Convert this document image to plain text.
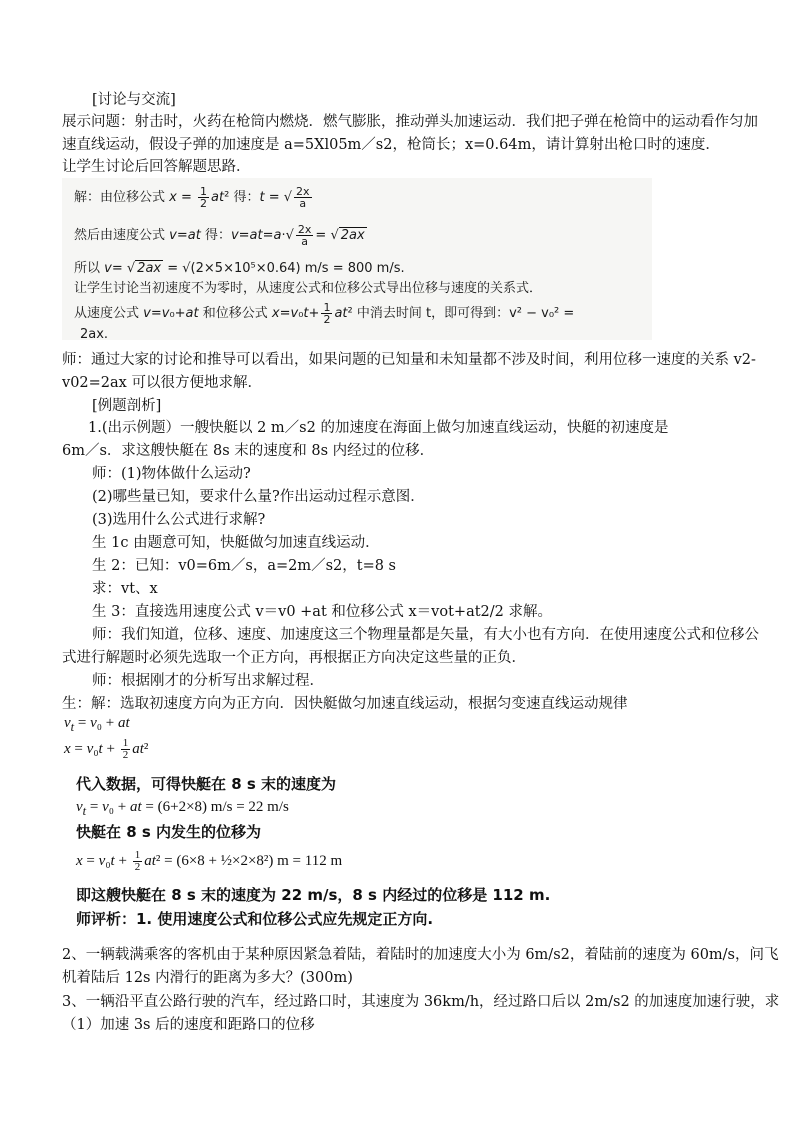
[讨论与交流]
展示问题：射击时，火药在枪筒内燃烧．燃气膨胀，推动弹头加速运动．我们把子弹在枪筒中的运动看作匀加
速直线运动，假设子弹的加速度是 a=5Xl05m／s2，枪筒长；x=0.64m，请计算射出枪口时的速度．
让学生讨论后回答解题思路．
解：由位移公式 $x = \frac{1}{2} at^2$ 得：t = √ $\frac{2x}{a}$
然后由速度公式 v=at 得：$v=at=a\cdot√ \frac{2x}{a}$ = √ 2ax
所以 v= √ 2ax = √(2×5×10⁵×0.64) m/s = 800 m/s.
让学生讨论当初速度不为零时，从速度公式和位移公式导出位移与速度的关系式．
从速度公式 v=v₀+at 和位移公式 $x=v_0t+ \frac{1}{2} at^2$ 中消去时间 t，即可得到：v² − v₀² =
2ax.
师：通过大家的讨论和推导可以看出，如果问题的已知量和未知量都不涉及时间，利用位移一速度的关系 v2-
v02=2ax 可以很方便地求解．
[例题剖析]
1.(出示例题）一艘快艇以 2 m／s2 的加速度在海面上做匀加速直线运动，快艇的初速度是
6m／s．求这艘快艇在 8s 末的速度和 8s 内经过的位移．
师：(1)物体做什么运动?
(2)哪些量已知，要求什么量?作出运动过程示意图．
(3)选用什么公式进行求解?
生 1c 由题意可知，快艇做匀加速直线运动．
生 2：已知：v0=6m／s，a=2m／s2，t=8 s
求：vt、x
生 3：直接选用速度公式 v＝v0 +at 和位移公式 x＝vot+at2/2 求解。
师：我们知道，位移、速度、加速度这三个物理量都是矢量，有大小也有方向．在使用速度公式和位移公
式进行解题时必须先选取一个正方向，再根据正方向决定这些量的正负．
师：根据刚才的分析写出求解过程．
生：解：选取初速度方向为正方向．因快艇做匀加速直线运动，根据匀变速直线运动规律
$v_t = v_0$ + at
$x = v_0t + \frac{1}{2} at^2$
代入数据，可得快艇在 8 s 末的速度为
$v_t = v_0$ + at = (6+2×8) m/s = 22 m/s
快艇在 8 s 内发生的位移为
$x = v_0t + \frac{1}{2} at^2 = (6\times 8$ + ½×2×8²) m = 112 m
即这艘快艇在 8 s 末的速度为 22 m/s，8 s 内经过的位移是 112 m.
师评析：1. 使用速度公式和位移公式应先规定正方向.
2、一辆载满乘客的客机由于某种原因紧急着陆，着陆时的加速度大小为 6m/s2，着陆前的速度为 60m/s，问飞
机着陆后 12s 内滑行的距离为多大？(300m)
3、一辆沿平直公路行驶的汽车，经过路口时，其速度为 36km/h，经过路口后以 2m/s2 的加速度加速行驶，求
（1）加速 3s 后的速度和距路口的位移
